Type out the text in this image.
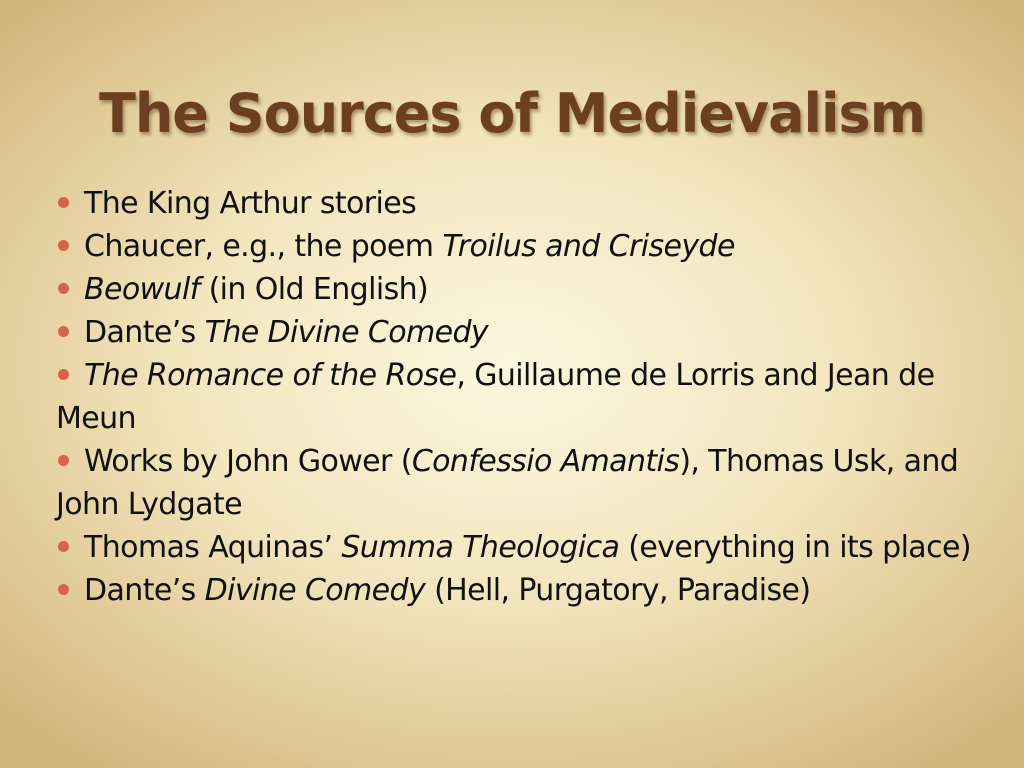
The Sources of Medievalism
The King Arthur stories
Chaucer, e.g., the poem Troilus and Criseyde
Beowulf (in Old English)
Dante’s The Divine Comedy
The Romance of the Rose, Guillaume de Lorris and Jean de Meun
Works by John Gower (Confessio Amantis), Thomas Usk, and John Lydgate
Thomas Aquinas’ Summa Theologica (everything in its place)
Dante’s Divine Comedy (Hell, Purgatory, Paradise)
